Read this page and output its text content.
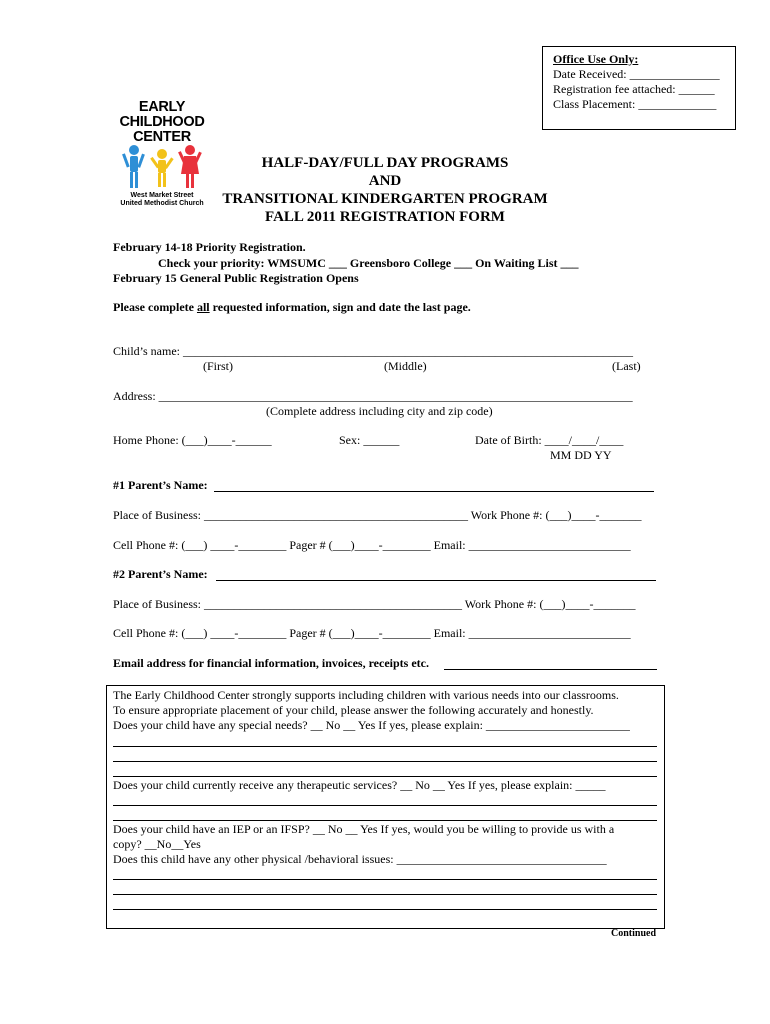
Office Use Only:
Date Received: _______________
Registration fee attached: ______
Class Placement: _____________
EARLY
CHILDHOOD
CENTER
West Market Street
United Methodist Church
HALF-DAY/FULL DAY PROGRAMS
AND
TRANSITIONAL KINDERGARTEN PROGRAM
FALL 2011 REGISTRATION FORM
February 14-18 Priority Registration.
Check your priority: WMSUMC ___ Greensboro College ___ On Waiting List ___
February 15 General Public Registration Opens
Please complete all requested information, sign and date the last page.
Child’s name: ___________________________________________________________________________
(First)	(Middle)	(Last)
Address: _______________________________________________________________________________
(Complete address including city and zip code)
Home Phone: (___)____-______	Sex: ______	Date of Birth: ____/____/____
MM DD YY
#1 Parent’s Name:
Place of Business: ____________________________________________ Work Phone #: (___)____-_______
Cell Phone #: (___) ____-________ Pager # (___)____-________ Email: ___________________________
#2 Parent’s Name:
Place of Business: ___________________________________________ Work Phone #: (___)____-_______
Cell Phone #: (___) ____-________ Pager # (___)____-________ Email: ___________________________
Email address for financial information, invoices, receipts etc.
The Early Childhood Center strongly supports including children with various needs into our classrooms.
To ensure appropriate placement of your child, please answer the following accurately and honestly.
Does your child have any special needs? __ No __ Yes If yes, please explain: ________________________
Does your child currently receive any therapeutic services? __ No __ Yes If yes, please explain: _____
Does your child have an IEP or an IFSP? __ No __ Yes If yes, would you be willing to provide us with a
copy? __No__Yes
Does this child have any other physical /behavioral issues: ___________________________________
Continued
